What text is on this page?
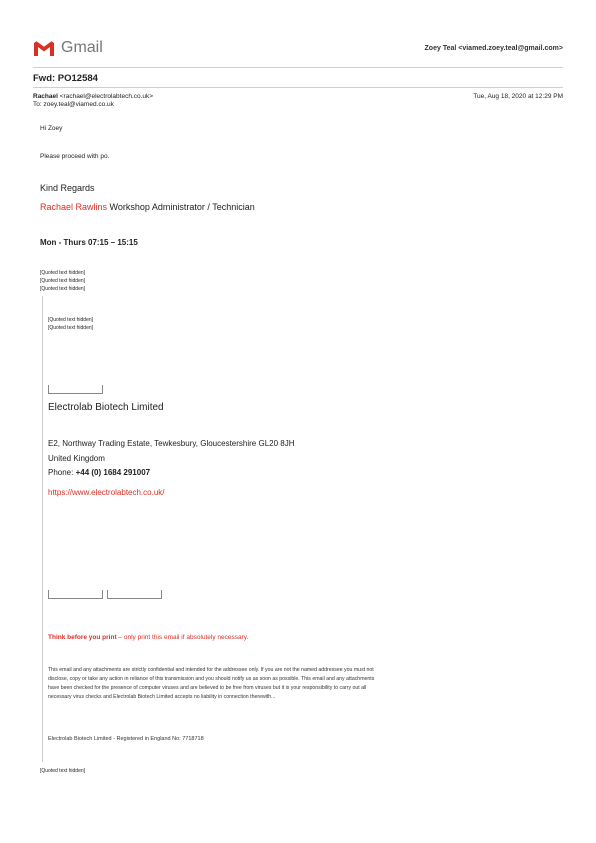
Gmail	Zoey Teal <viamed.zoey.teal@gmail.com>
Fwd: PO12584
Rachael <rachael@electrolabtech.co.uk>
To: zoey.teal@viamed.co.uk
Tue, Aug 18, 2020 at 12:29 PM
Hi Zoey
Please proceed with po.
Kind Regards
Rachael Rawlins Workshop Administrator / Technician
Mon - Thurs 07:15 – 15:15
[Quoted text hidden]
[Quoted text hidden]
[Quoted text hidden]
[Quoted text hidden]
[Quoted text hidden]
Electrolab Biotech Limited
E2, Northway Trading Estate, Tewkesbury, Gloucestershire GL20 8JH
United Kingdom
Phone: +44 (0) 1684 291007
https://www.electrolabtech.co.uk/
Think before you print – only print this email if absolutely necessary.
This email and any attachments are strictly confidential and intended for the addressee only. If you are not the named addressee you must not disclose, copy or take any action in reliance of this transmission and you should notify us as soon as possible. This email and any attachments have been checked for the presence of computer viruses and are believed to be free from viruses but it is your responsibility to carry out all necessary virus checks and Electrolab Biotech Limited accepts no liability in connection therewith...
Electrolab Biotech Limited - Registered in England No: 7718718
[Quoted text hidden]
